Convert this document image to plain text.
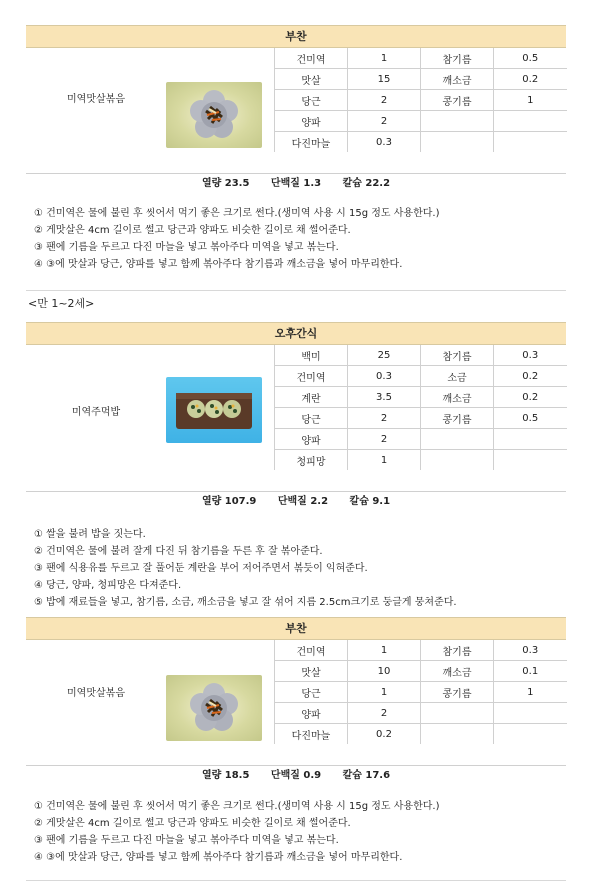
부찬
미역맛살볶음
건미역	1	참기름	0.5
맛살	15	깨소금	0.2
당근	2	콩기름	1
양파	2		
다진마늘	0.3		
열량 23.5 단백질 1.3 칼슘 22.2
① 건미역은 물에 불린 후 씻어서 먹기 좋은 크기로 썬다.(생미역 사용 시 15g 정도 사용한다.)
② 게맛살은 4cm 길이로 썰고 당근과 양파도 비슷한 길이로 채 썰어준다.
③ 팬에 기름을 두르고 다진 마늘을 넣고 볶아주다 미역을 넣고 볶는다.
④ ③에 맛살과 당근, 양파를 넣고 함께 볶아주다 참기름과 깨소금을 넣어 마무리한다.
<만 1~2세>
오후간식
미역주먹밥
백미	25	참기름	0.3
건미역	0.3	소금	0.2
계란	3.5	깨소금	0.2
당근	2	콩기름	0.5
양파	2		
청피망	1		
열량 107.9 단백질 2.2 칼슘 9.1
① 쌀을 불려 밥을 짓는다.
② 건미역은 물에 불려 잘게 다진 뒤 참기름을 두른 후 잘 볶아준다.
③ 팬에 식용유를 두르고 잘 풀어둔 계란을 부어 저어주면서 볶듯이 익혀준다.
④ 당근, 양파, 청피망은 다져준다.
⑤ 밥에 재료들을 넣고, 참기름, 소금, 깨소금을 넣고 잘 섞어 지름 2.5cm크기로 둥글게 뭉쳐준다.
부찬
미역맛살볶음
건미역	1	참기름	0.3
맛살	10	깨소금	0.1
당근	1	콩기름	1
양파	2		
다진마늘	0.2		
열량 18.5 단백질 0.9 칼슘 17.6
① 건미역은 물에 불린 후 씻어서 먹기 좋은 크기로 썬다.(생미역 사용 시 15g 정도 사용한다.)
② 게맛살은 4cm 길이로 썰고 당근과 양파도 비슷한 길이로 채 썰어준다.
③ 팬에 기름을 두르고 다진 마늘을 넣고 볶아주다 미역을 넣고 볶는다.
④ ③에 맛살과 당근, 양파를 넣고 함께 볶아주다 참기름과 깨소금을 넣어 마무리한다.
